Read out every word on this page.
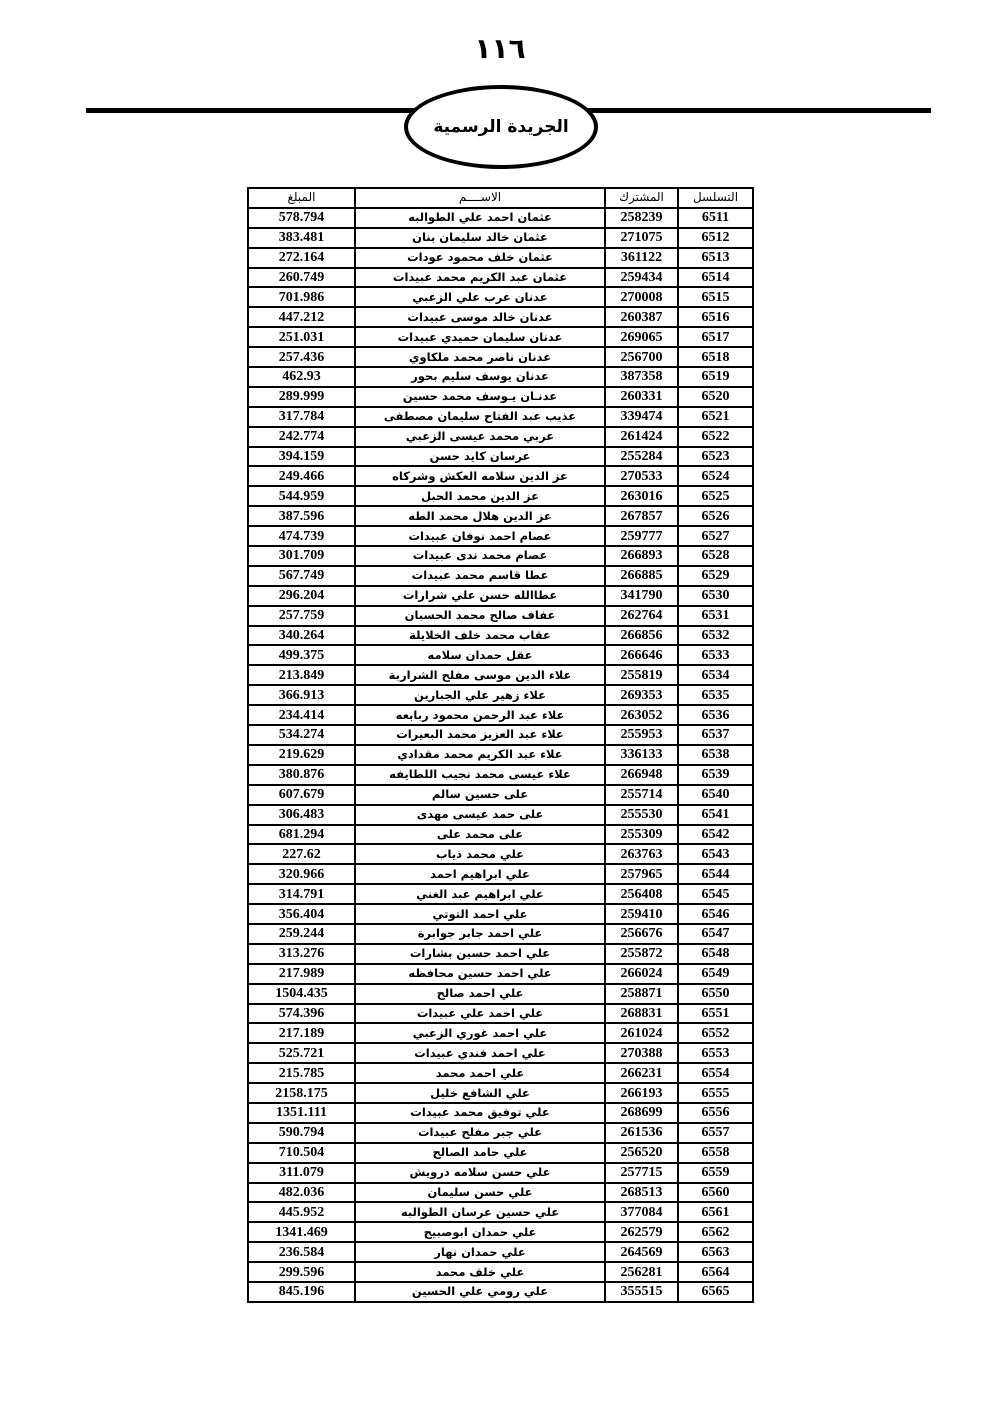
١١٦
الجريدة الرسمية
المبلغ	الاســــم	المشترك	التسلسل
578.794	عثمان احمد علي الطوالبه	258239	6511
383.481	عثمان خالد سليمان بنان	271075	6512
272.164	عثمان خلف محمود عودات	361122	6513
260.749	عثمان عبد الكريم محمد عبيدات	259434	6514
701.986	عدنان عرب علي الزعبي	270008	6515
447.212	عدنان خالد موسى عبيدات	260387	6516
251.031	عدنان سليمان حميدي عبيدات	269065	6517
257.436	عدنان ناصر محمد ملكاوي	256700	6518
462.93	عدنان يوسف سليم بحور	387358	6519
289.999	عدنـان يـوسف محمد حسين	260331	6520
317.784	عذيب عبد الفتاح سليمان مصطفى	339474	6521
242.774	عربي محمد عيسى الزعبي	261424	6522
394.159	عرسان كايد حسن	255284	6523
249.466	عز الدين سلامه العكش وشركاه	270533	6524
544.959	عز الدين محمد الحبل	263016	6525
387.596	عز الدين هلال محمد الطه	267857	6526
474.739	عصام احمد نوفان عبيدات	259777	6527
301.709	عصام محمد ندى عبيدات	266893	6528
567.749	عطا قاسم محمد عبيدات	266885	6529
296.204	عطاالله حسن علي شرارات	341790	6530
257.759	عفاف صالح محمد الحسبان	262764	6531
340.264	عقاب محمد خلف الخلايلة	266856	6532
499.375	عقل حمدان سلامه	266646	6533
213.849	علاء الدين موسى مفلح الشراربة	255819	6534
366.913	علاء زهير علي الجبارين	269353	6535
234.414	علاء عبد الرحمن محمود ربابعه	263052	6536
534.274	علاء عبد العزيز محمد البعيرات	255953	6537
219.629	علاء عبد الكريم محمد مقدادي	336133	6538
380.876	علاء عيسى محمد نجيب اللطايفه	266948	6539
607.679	على حسين سالم	255714	6540
306.483	على حمد عيسى مهدى	255530	6541
681.294	على محمد على	255309	6542
227.62	علي محمد ذياب	263763	6543
320.966	علي ابراهيم احمد	257965	6544
314.791	علي ابراهيم عبد الغني	256408	6545
356.404	علي احمد التوتي	259410	6546
259.244	علي احمد جابر جوابرة	256676	6547
313.276	علي احمد حسين بشارات	255872	6548
217.989	علي احمد حسين محافظه	266024	6549
1504.435	علي احمد صالح	258871	6550
574.396	علي احمد علي عبيدات	268831	6551
217.189	علي احمد غوري الزعبي	261024	6552
525.721	علي احمد فندي عبيدات	270388	6553
215.785	علي احمد محمد	266231	6554
2158.175	علي الشافع خليل	266193	6555
1351.111	علي توفيق محمد عبيدات	268699	6556
590.794	علي جبر مفلح عبيدات	261536	6557
710.504	علي حامد الصالح	256520	6558
311.079	علي حسن سلامه درويش	257715	6559
482.036	علي حسن سليمان	268513	6560
445.952	علي حسين عرسان الطوالبه	377084	6561
1341.469	علي حمدان ابوصبيح	262579	6562
236.584	علي حمدان نهار	264569	6563
299.596	علي خلف محمد	256281	6564
845.196	علي رومي علي الحسين	355515	6565
